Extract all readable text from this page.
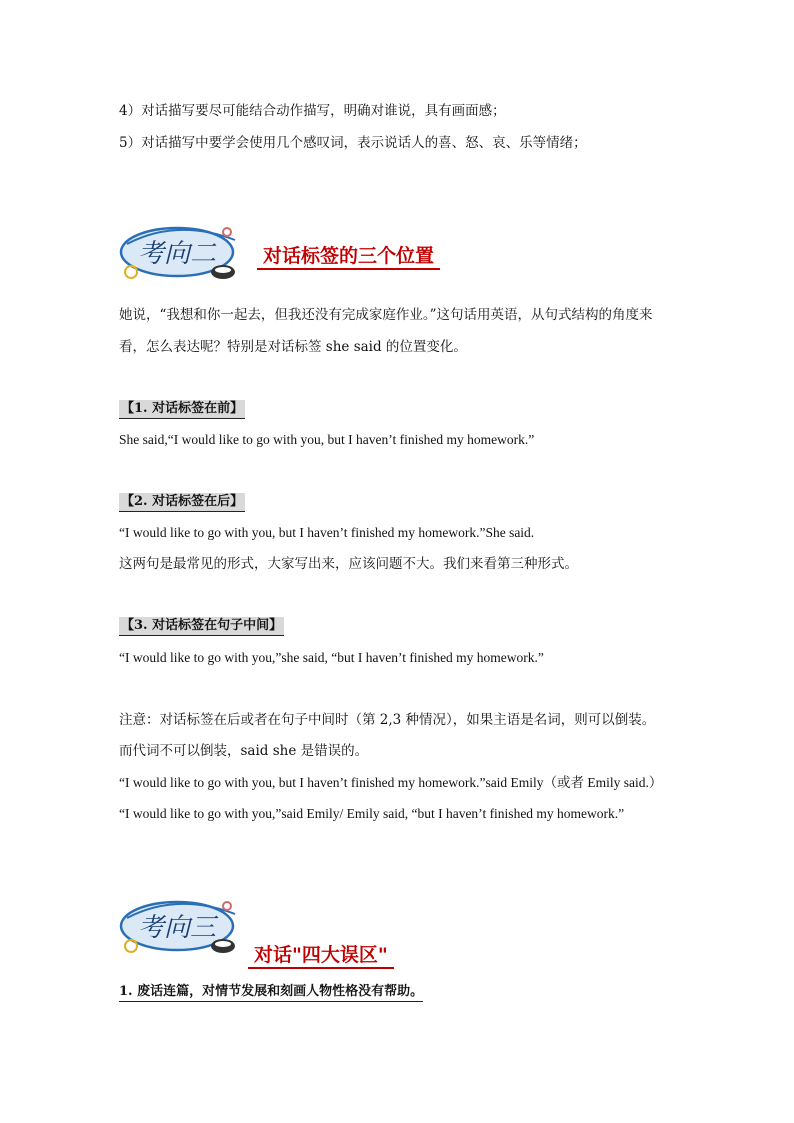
4）对话描写要尽可能结合动作描写，明确对谁说，具有画面感；
5）对话描写中要学会使用几个感叹词，表示说话人的喜、怒、哀、乐等情绪；
考向二	对话标签的三个位置
她说，“我想和你一起去，但我还没有完成家庭作业。”这句话用英语，从句式结构的角度来
看，怎么表达呢？特别是对话标签 she said 的位置变化。
【1. 对话标签在前】
She said,“I would like to go with you, but I haven’t finished my homework.”
【2. 对话标签在后】
“I would like to go with you, but I haven’t finished my homework.”She said.
这两句是最常见的形式，大家写出来，应该问题不大。我们来看第三种形式。
【3. 对话标签在句子中间】
“I would like to go with you,”she said, “but I haven’t finished my homework.”
注意：对话标签在后或者在句子中间时（第 2,3 种情况），如果主语是名词，则可以倒装。
而代词不可以倒装，said she 是错误的。
“I would like to go with you, but I haven’t finished my homework.”said Emily（或者 Emily said.）
“I would like to go with you,”said Emily/ Emily said, “but I haven’t finished my homework.”
考向三
对话"四大误区"
1. 废话连篇，对情节发展和刻画人物性格没有帮助。
